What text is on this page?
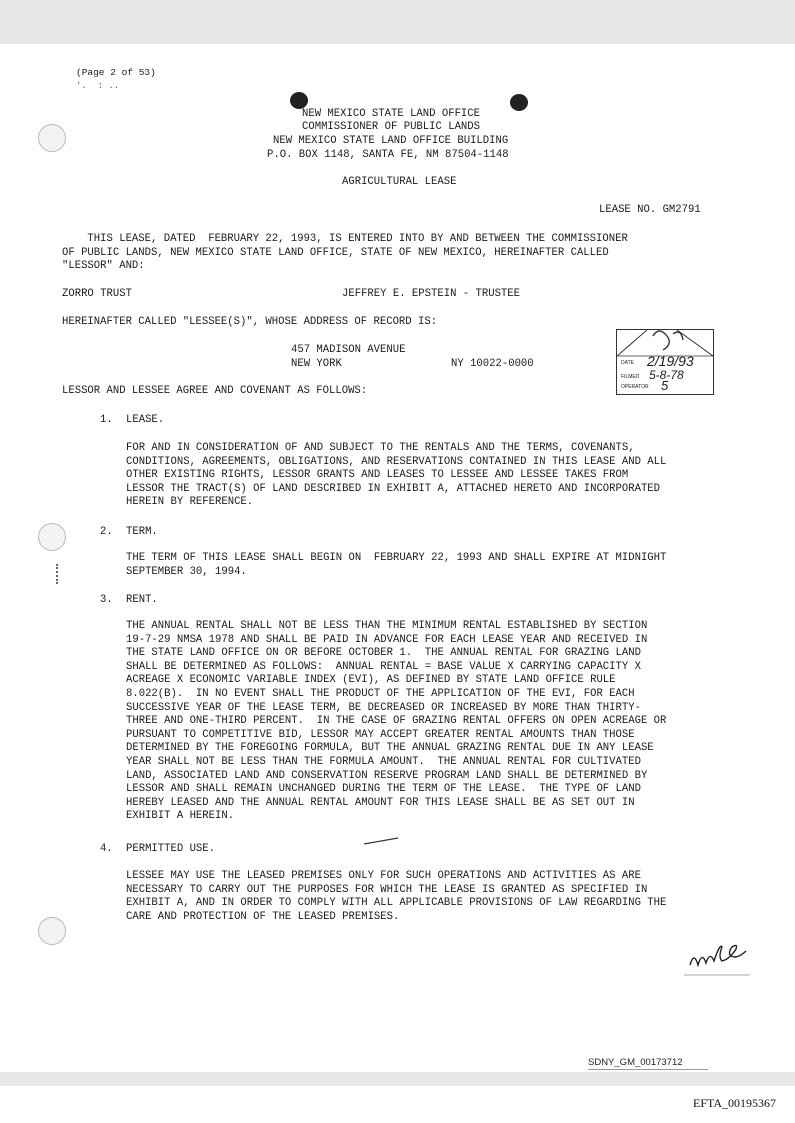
(Page 2 of 53)
'.  : ..
NEW MEXICO STATE LAND OFFICE
COMMISSIONER OF PUBLIC LANDS
NEW MEXICO STATE LAND OFFICE BUILDING
P.O. BOX 1148, SANTA FE, NM 87504-1148
AGRICULTURAL LEASE
LEASE NO. GM2791
THIS LEASE, DATED  FEBRUARY 22, 1993, IS ENTERED INTO BY AND BETWEEN THE COMMISSIONER
OF PUBLIC LANDS, NEW MEXICO STATE LAND OFFICE, STATE OF NEW MEXICO, HEREINAFTER CALLED
"LESSOR" AND:
ZORRO TRUST	JEFFREY E. EPSTEIN - TRUSTEE
HEREINAFTER CALLED "LESSEE(S)", WHOSE ADDRESS OF RECORD IS:
457 MADISON AVENUE
NEW YORK	NY 10022-0000
LESSOR AND LESSEE AGREE AND COVENANT AS FOLLOWS:
DATE 2/19/93
FILMED 5-8-78
OPERATOR 5
1. LEASE.
FOR AND IN CONSIDERATION OF AND SUBJECT TO THE RENTALS AND THE TERMS, COVENANTS,
CONDITIONS, AGREEMENTS, OBLIGATIONS, AND RESERVATIONS CONTAINED IN THIS LEASE AND ALL
OTHER EXISTING RIGHTS, LESSOR GRANTS AND LEASES TO LESSEE AND LESSEE TAKES FROM
LESSOR THE TRACT(S) OF LAND DESCRIBED IN EXHIBIT A, ATTACHED HERETO AND INCORPORATED
HEREIN BY REFERENCE.
2. TERM.
THE TERM OF THIS LEASE SHALL BEGIN ON  FEBRUARY 22, 1993 AND SHALL EXPIRE AT MIDNIGHT
SEPTEMBER 30, 1994.
3. RENT.
THE ANNUAL RENTAL SHALL NOT BE LESS THAN THE MINIMUM RENTAL ESTABLISHED BY SECTION
19-7-29 NMSA 1978 AND SHALL BE PAID IN ADVANCE FOR EACH LEASE YEAR AND RECEIVED IN
THE STATE LAND OFFICE ON OR BEFORE OCTOBER 1.  THE ANNUAL RENTAL FOR GRAZING LAND
SHALL BE DETERMINED AS FOLLOWS:  ANNUAL RENTAL = BASE VALUE X CARRYING CAPACITY X
ACREAGE X ECONOMIC VARIABLE INDEX (EVI), AS DEFINED BY STATE LAND OFFICE RULE
8.022(B).  IN NO EVENT SHALL THE PRODUCT OF THE APPLICATION OF THE EVI, FOR EACH
SUCCESSIVE YEAR OF THE LEASE TERM, BE DECREASED OR INCREASED BY MORE THAN THIRTY-
THREE AND ONE-THIRD PERCENT.  IN THE CASE OF GRAZING RENTAL OFFERS ON OPEN ACREAGE OR
PURSUANT TO COMPETITIVE BID, LESSOR MAY ACCEPT GREATER RENTAL AMOUNTS THAN THOSE
DETERMINED BY THE FOREGOING FORMULA, BUT THE ANNUAL GRAZING RENTAL DUE IN ANY LEASE
YEAR SHALL NOT BE LESS THAN THE FORMULA AMOUNT.  THE ANNUAL RENTAL FOR CULTIVATED
LAND, ASSOCIATED LAND AND CONSERVATION RESERVE PROGRAM LAND SHALL BE DETERMINED BY
LESSOR AND SHALL REMAIN UNCHANGED DURING THE TERM OF THE LEASE.  THE TYPE OF LAND
HEREBY LEASED AND THE ANNUAL RENTAL AMOUNT FOR THIS LEASE SHALL BE AS SET OUT IN
EXHIBIT A HEREIN.
4. PERMITTED USE.
LESSEE MAY USE THE LEASED PREMISES ONLY FOR SUCH OPERATIONS AND ACTIVITIES AS ARE
NECESSARY TO CARRY OUT THE PURPOSES FOR WHICH THE LEASE IS GRANTED AS SPECIFIED IN
EXHIBIT A, AND IN ORDER TO COMPLY WITH ALL APPLICABLE PROVISIONS OF LAW REGARDING THE
CARE AND PROTECTION OF THE LEASED PREMISES.
SDNY_GM_00173712
EFTA_00195367
